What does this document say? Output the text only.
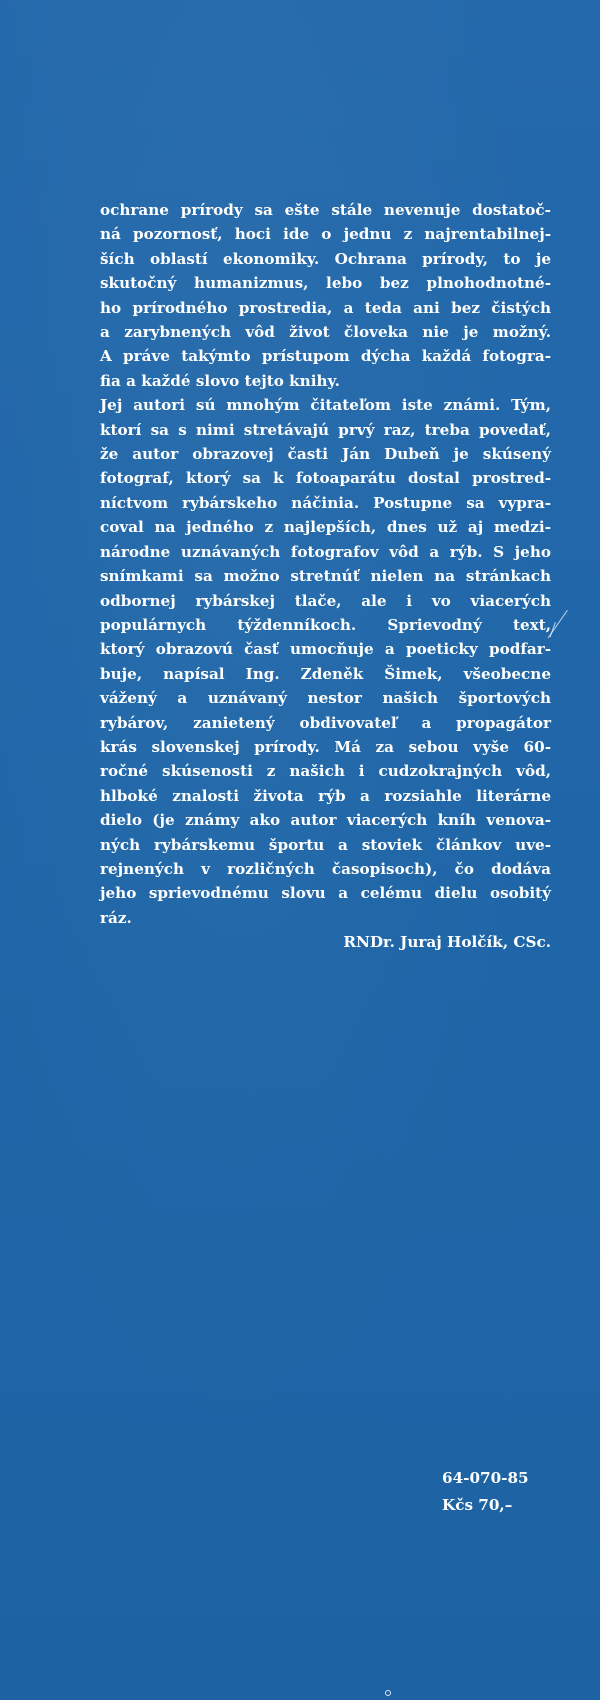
ochrane prírody sa ešte stále nevenuje dostatoč-
ná pozornosť, hoci ide o jednu z najrentabilnej-
ších oblastí ekonomiky. Ochrana prírody, to je
skutočný humanizmus, lebo bez plnohodnotné-
ho prírodného prostredia, a teda ani bez čistých
a zarybnených vôd život človeka nie je možný.
A práve takýmto prístupom dýcha každá fotogra-
fia a každé slovo tejto knihy.
Jej autori sú mnohým čitateľom iste známi. Tým,
ktorí sa s nimi stretávajú prvý raz, treba povedať,
že autor obrazovej časti Ján Dubeň je skúsený
fotograf, ktorý sa k fotoaparátu dostal prostred-
níctvom rybárskeho náčinia. Postupne sa vypra-
coval na jedného z najlepších, dnes už aj medzi-
národne uznávaných fotografov vôd a rýb. S jeho
snímkami sa možno stretnúť nielen na stránkach
odbornej rybárskej tlače, ale i vo viacerých
populárnych týždenníkoch. Sprievodný text,
ktorý obrazovú časť umocňuje a poeticky podfar-
buje, napísal Ing. Zdeněk Šimek, všeobecne
vážený a uznávaný nestor našich športových
rybárov, zanietený obdivovateľ a propagátor
krás slovenskej prírody. Má za sebou vyše 60-
ročné skúsenosti z našich i cudzokrajných vôd,
hlboké znalosti života rýb a rozsiahle literárne
dielo (je známy ako autor viacerých kníh venova-
ných rybárskemu športu a stoviek článkov uve-
rejnených v rozličných časopisoch), čo dodáva
jeho sprievodnému slovu a celému dielu osobitý
ráz.
RNDr. Juraj Holčík, CSc.
64-070-85
Kčs 70,–
